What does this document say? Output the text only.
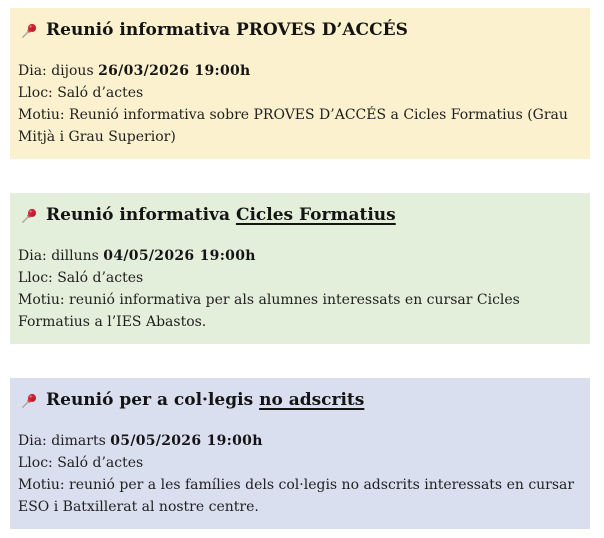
Reunió informativa PROVES D’ACCÉS

Dia: dijous 26/03/2026 19:00h

Lloc: Saló d’actes

Motiu: Reunió informativa sobre PROVES D’ACCÉS a Cicles Formatius (Grau Mitjà i Grau Superior)

Reunió informativa Cicles Formatius

Dia: dilluns 04/05/2026 19:00h

Lloc: Saló d’actes

Motiu: reunió informativa per als alumnes interessats en cursar Cicles Formatius a l’IES Abastos.

Reunió per a col·legis no adscrits

Dia: dimarts 05/05/2026 19:00h

Lloc: Saló d’actes

Motiu: reunió per a les famílies dels col·legis no adscrits interessats en cursar ESO i Batxillerat al nostre centre.
